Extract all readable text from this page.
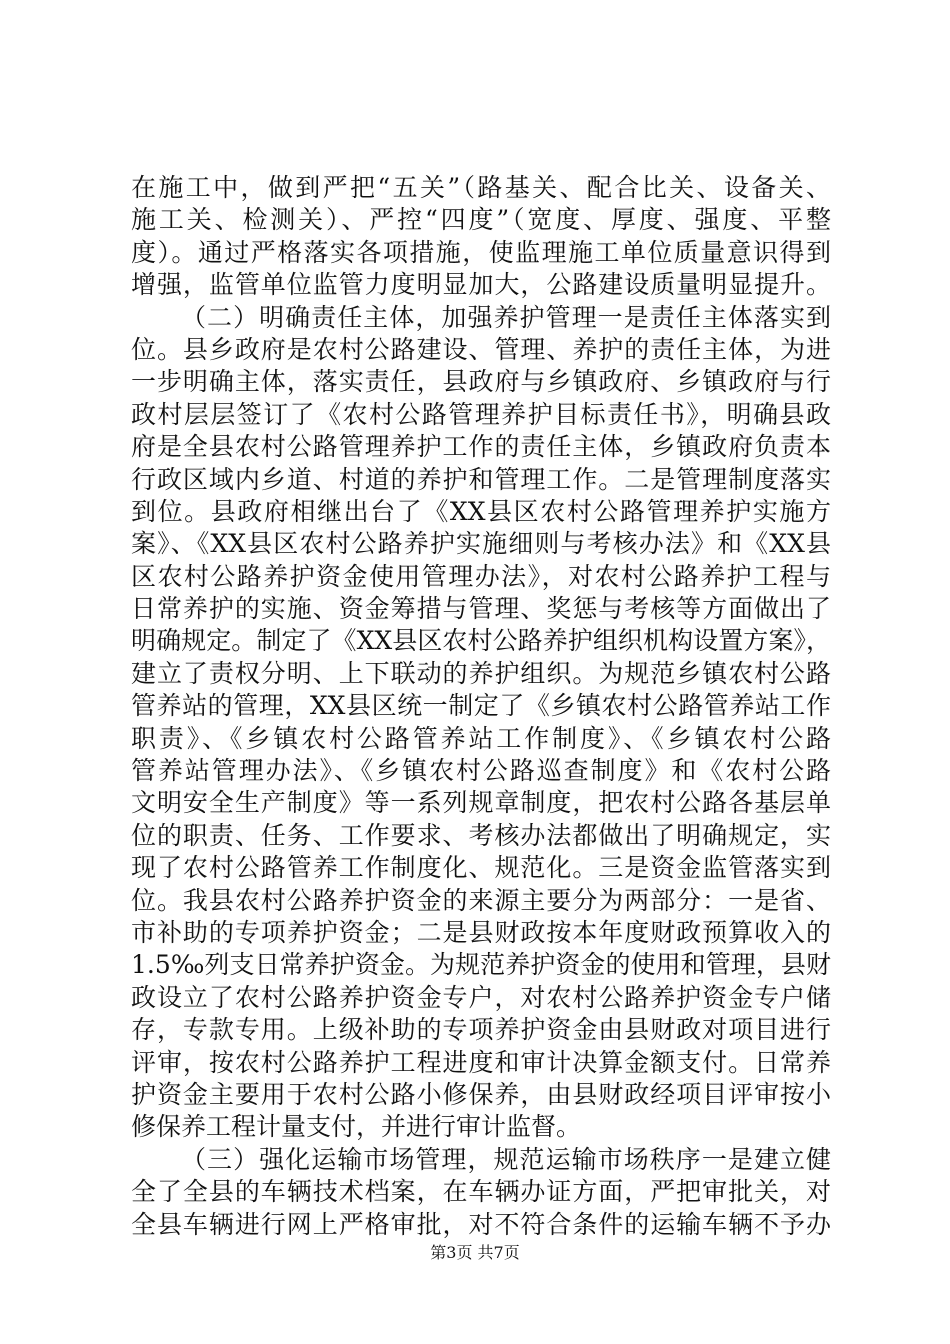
在施工中，做到严把“五关”（路基关、配合比关、设备关、
施工关、检测关）、严控“四度”（宽度、厚度、强度、平整
度）。通过严格落实各项措施，使监理施工单位质量意识得到
增强，监管单位监管力度明显加大，公路建设质量明显提升。
（二）明确责任主体，加强养护管理一是责任主体落实到
位。县乡政府是农村公路建设、管理、养护的责任主体，为进
一步明确主体，落实责任，县政府与乡镇政府、乡镇政府与行
政村层层签订了《农村公路管理养护目标责任书》，明确县政
府是全县农村公路管理养护工作的责任主体，乡镇政府负责本
行政区域内乡道、村道的养护和管理工作。二是管理制度落实
到位。县政府相继出台了《XX县区农村公路管理养护实施方
案》、《XX县区农村公路养护实施细则与考核办法》和《XX县
区农村公路养护资金使用管理办法》，对农村公路养护工程与
日常养护的实施、资金筹措与管理、奖惩与考核等方面做出了
明确规定。制定了《XX县区农村公路养护组织机构设置方案》，
建立了责权分明、上下联动的养护组织。为规范乡镇农村公路
管养站的管理，XX县区统一制定了《乡镇农村公路管养站工作
职责》、《乡镇农村公路管养站工作制度》、《乡镇农村公路
管养站管理办法》、《乡镇农村公路巡查制度》和《农村公路
文明安全生产制度》等一系列规章制度，把农村公路各基层单
位的职责、任务、工作要求、考核办法都做出了明确规定，实
现了农村公路管养工作制度化、规范化。三是资金监管落实到
位。我县农村公路养护资金的来源主要分为两部分：一是省、
市补助的专项养护资金；二是县财政按本年度财政预算收入的
1.5‰列支日常养护资金。为规范养护资金的使用和管理，县财
政设立了农村公路养护资金专户，对农村公路养护资金专户储
存，专款专用。上级补助的专项养护资金由县财政对项目进行
评审，按农村公路养护工程进度和审计决算金额支付。日常养
护资金主要用于农村公路小修保养，由县财政经项目评审按小
修保养工程计量支付，并进行审计监督。
（三）强化运输市场管理，规范运输市场秩序一是建立健
全了全县的车辆技术档案，在车辆办证方面，严把审批关，对
全县车辆进行网上严格审批，对不符合条件的运输车辆不予办
第3页 共7页
